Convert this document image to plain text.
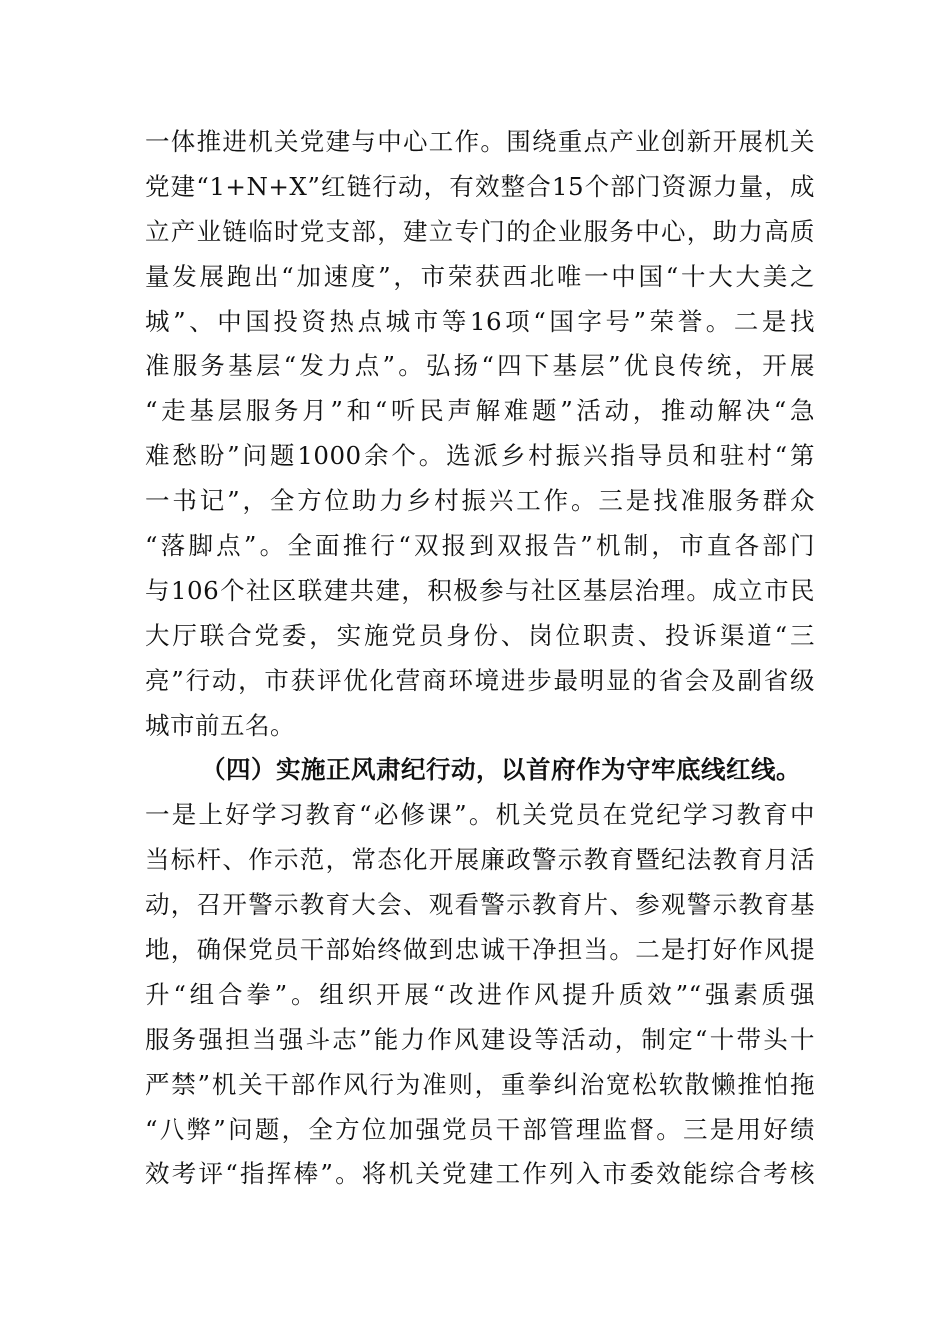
一体推进机关党建与中心工作。围绕重点产业创新开展机关
党建“1+N+X”红链行动，有效整合15个部门资源力量，成
立产业链临时党支部，建立专门的企业服务中心，助力高质
量发展跑出“加速度”，市荣获西北唯一中国“十大大美之
城”、中国投资热点城市等16项“国字号”荣誉。二是找
准服务基层“发力点”。弘扬“四下基层”优良传统，开展
“走基层服务月”和“听民声解难题”活动，推动解决“急
难愁盼”问题1000余个。选派乡村振兴指导员和驻村“第
一书记”，全方位助力乡村振兴工作。三是找准服务群众
“落脚点”。全面推行“双报到双报告”机制，市直各部门
与106个社区联建共建，积极参与社区基层治理。成立市民
大厅联合党委，实施党员身份、岗位职责、投诉渠道“三
亮”行动，市获评优化营商环境进步最明显的省会及副省级
城市前五名。
（四）实施正风肃纪行动，以首府作为守牢底线红线。
一是上好学习教育“必修课”。机关党员在党纪学习教育中
当标杆、作示范，常态化开展廉政警示教育暨纪法教育月活
动，召开警示教育大会、观看警示教育片、参观警示教育基
地，确保党员干部始终做到忠诚干净担当。二是打好作风提
升“组合拳”。组织开展“改进作风提升质效”“强素质强
服务强担当强斗志”能力作风建设等活动，制定“十带头十
严禁”机关干部作风行为准则，重拳纠治宽松软散懒推怕拖
“八弊”问题，全方位加强党员干部管理监督。三是用好绩
效考评“指挥棒”。将机关党建工作列入市委效能综合考核
